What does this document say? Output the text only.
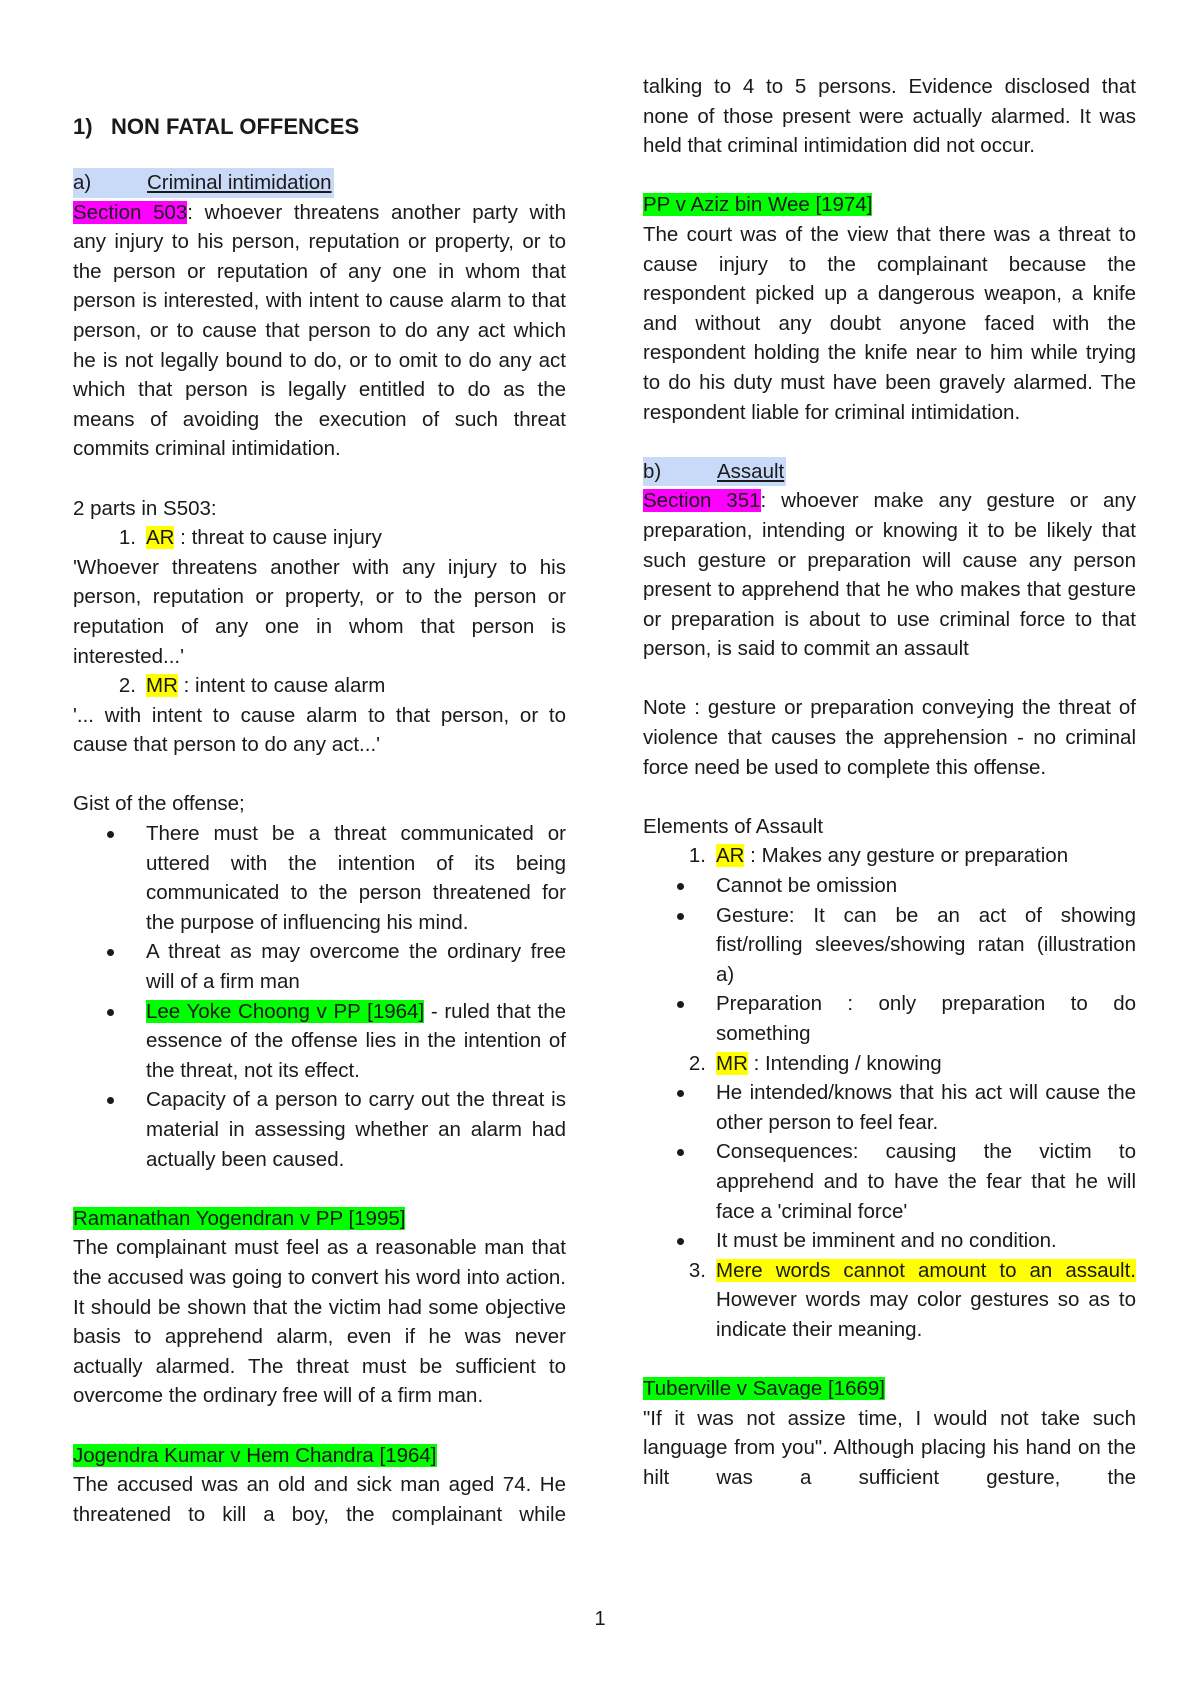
1) NON FATAL OFFENCES

a)	Criminal intimidation

Section 503: whoever threatens another party with any injury to his person, reputation or property, or to the person or reputation of any one in whom that person is interested, with intent to cause alarm to that person, or to cause that person to do any act which he is not legally bound to do, or to omit to do any act which that person is legally entitled to do as the means of avoiding the execution of such threat commits criminal intimidation.

2 parts in S503:

1. AR : threat to cause injury

'Whoever threatens another with any injury to his person, reputation or property, or to the person or reputation of any one in whom that person is interested...'

2. MR : intent to cause alarm

'... with intent to cause alarm to that person, or to cause that person to do any act...'

Gist of the offense;

There must be a threat communicated or uttered with the intention of its being communicated to the person threatened for the purpose of influencing his mind.
A threat as may overcome the ordinary free will of a firm man
Lee Yoke Choong v PP [1964] - ruled that the essence of the offense lies in the intention of the threat, not its effect.
Capacity of a person to carry out the threat is material in assessing whether an alarm had actually been caused.

Ramanathan Yogendran v PP [1995]

The complainant must feel as a reasonable man that the accused was going to convert his word into action. It should be shown that the victim had some objective basis to apprehend alarm, even if he was never actually alarmed. The threat must be sufficient to overcome the ordinary free will of a firm man.

Jogendra Kumar v Hem Chandra [1964]

The accused was an old and sick man aged 74. He threatened to kill a boy, the complainant while

talking to 4 to 5 persons. Evidence disclosed that none of those present were actually alarmed. It was held that criminal intimidation did not occur.

PP v Aziz bin Wee [1974]

The court was of the view that there was a threat to cause injury to the complainant because the respondent picked up a dangerous weapon, a knife and without any doubt anyone faced with the respondent holding the knife near to him while trying to do his duty must have been gravely alarmed. The respondent liable for criminal intimidation.

b)	Assault

Section 351: whoever make any gesture or any preparation, intending or knowing it to be likely that such gesture or preparation will cause any person present to apprehend that he who makes that gesture or preparation is about to use criminal force to that person, is said to commit an assault

Note : gesture or preparation conveying the threat of violence that causes the apprehension - no criminal force need be used to complete this offense.

Elements of Assault

1. AR : Makes any gesture or preparation
Cannot be omission
Gesture: It can be an act of showing fist/rolling sleeves/showing ratan (illustration a)
Preparation : only preparation to do something
2. MR : Intending / knowing
He intended/knows that his act will cause the other person to feel fear.
Consequences: causing the victim to apprehend and to have the fear that he will face a 'criminal force'
It must be imminent and no condition.
3. Mere words cannot amount to an assault. However words may color gestures so as to indicate their meaning.

Tuberville v Savage [1669]

"If it was not assize time, I would not take such language from you". Although placing his hand on the hilt was a sufficient gesture, the

1
